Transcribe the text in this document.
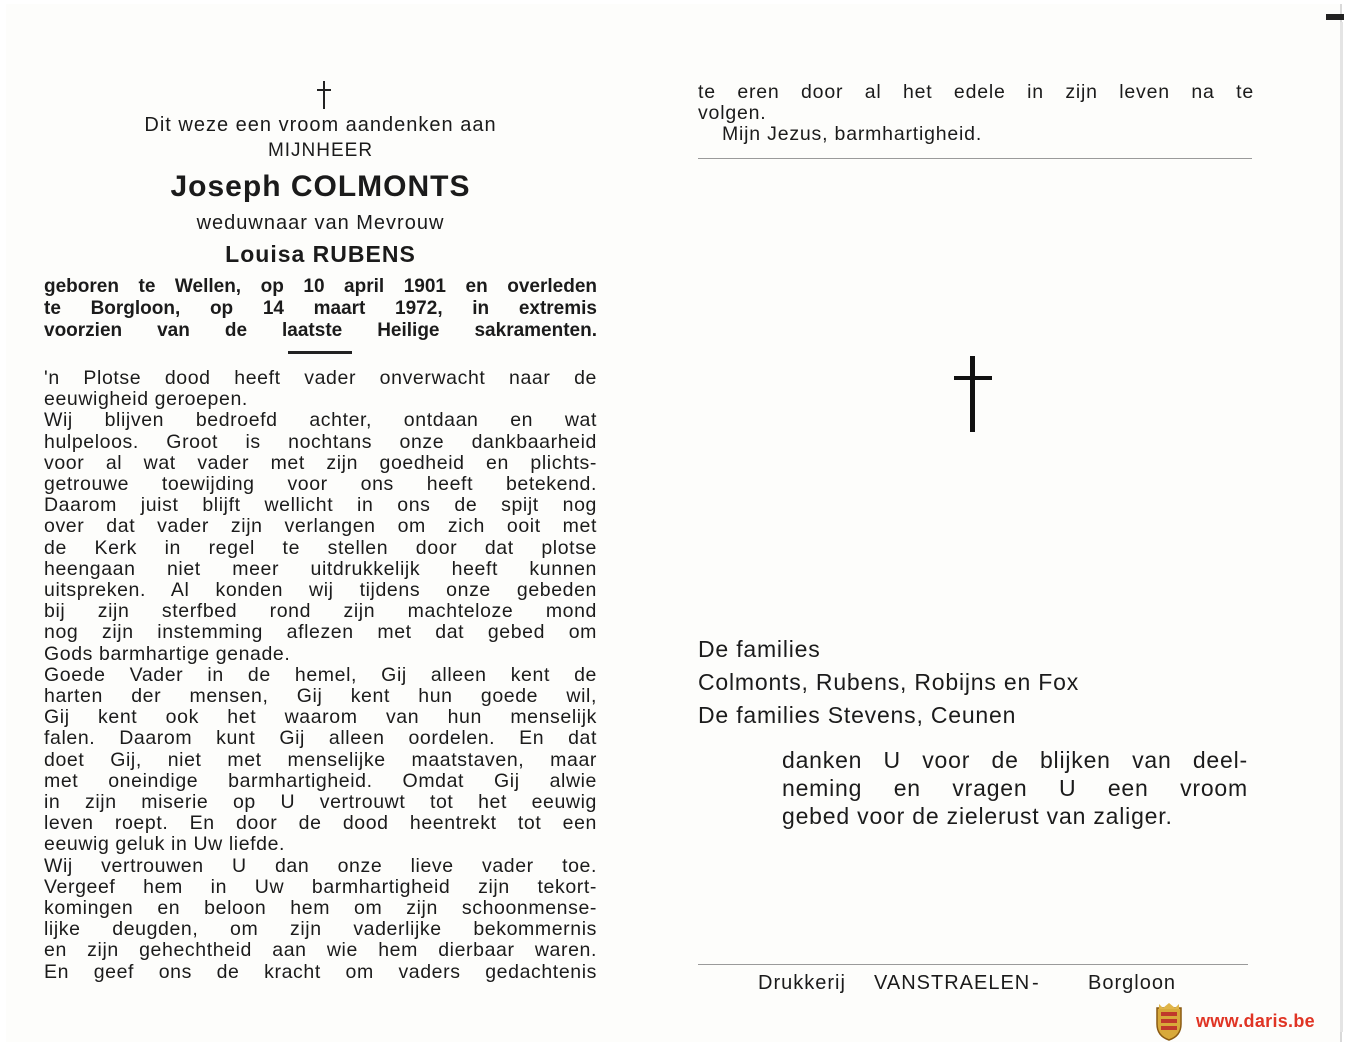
Dit weze een vroom aandenken aan
MIJNHEER
Joseph COLMONTS
weduwnaar van Mevrouw
Louisa RUBENS
geboren te Wellen, op 10 april 1901 en overleden
te Borgloon, op 14 maart 1972, in extremis
voorzien van de laatste Heilige sakramenten.
'n Plotse dood heeft vader onverwacht naar de
eeuwigheid geroepen.
Wij blijven bedroefd achter, ontdaan en wat
hulpeloos. Groot is nochtans onze dankbaarheid
voor al wat vader met zijn goedheid en plichts-
getrouwe toewijding voor ons heeft betekend.
Daarom juist blijft wellicht in ons de spijt nog
over dat vader zijn verlangen om zich ooit met
de Kerk in regel te stellen door dat plotse
heengaan niet meer uitdrukkelijk heeft kunnen
uitspreken. Al konden wij tijdens onze gebeden
bij zijn sterfbed rond zijn machteloze mond
nog zijn instemming aflezen met dat gebed om
Gods barmhartige genade.
Goede Vader in de hemel, Gij alleen kent de
harten der mensen, Gij kent hun goede wil,
Gij kent ook het waarom van hun menselijk
falen. Daarom kunt Gij alleen oordelen. En dat
doet Gij, niet met menselijke maatstaven, maar
met oneindige barmhartigheid. Omdat Gij alwie
in zijn miserie op U vertrouwt tot het eeuwig
leven roept. En door de dood heentrekt tot een
eeuwig geluk in Uw liefde.
Wij vertrouwen U dan onze lieve vader toe.
Vergeef hem in Uw barmhartigheid zijn tekort-
komingen en beloon hem om zijn schoonmense-
lijke deugden, om zijn vaderlijke bekommernis
en zijn gehechtheid aan wie hem dierbaar waren.
En geef ons de kracht om vaders gedachtenis
te eren door al het edele in zijn leven na te
volgen.
Mijn Jezus, barmhartigheid.
De families
Colmonts, Rubens, Robijns en Fox
De families Stevens, Ceunen
danken U voor de blijken van deel-
neming en vragen U een vroom
gebed voor de zielerust van zaliger.
Drukkerij VANSTRAELEN - Borgloon
www.daris.be
